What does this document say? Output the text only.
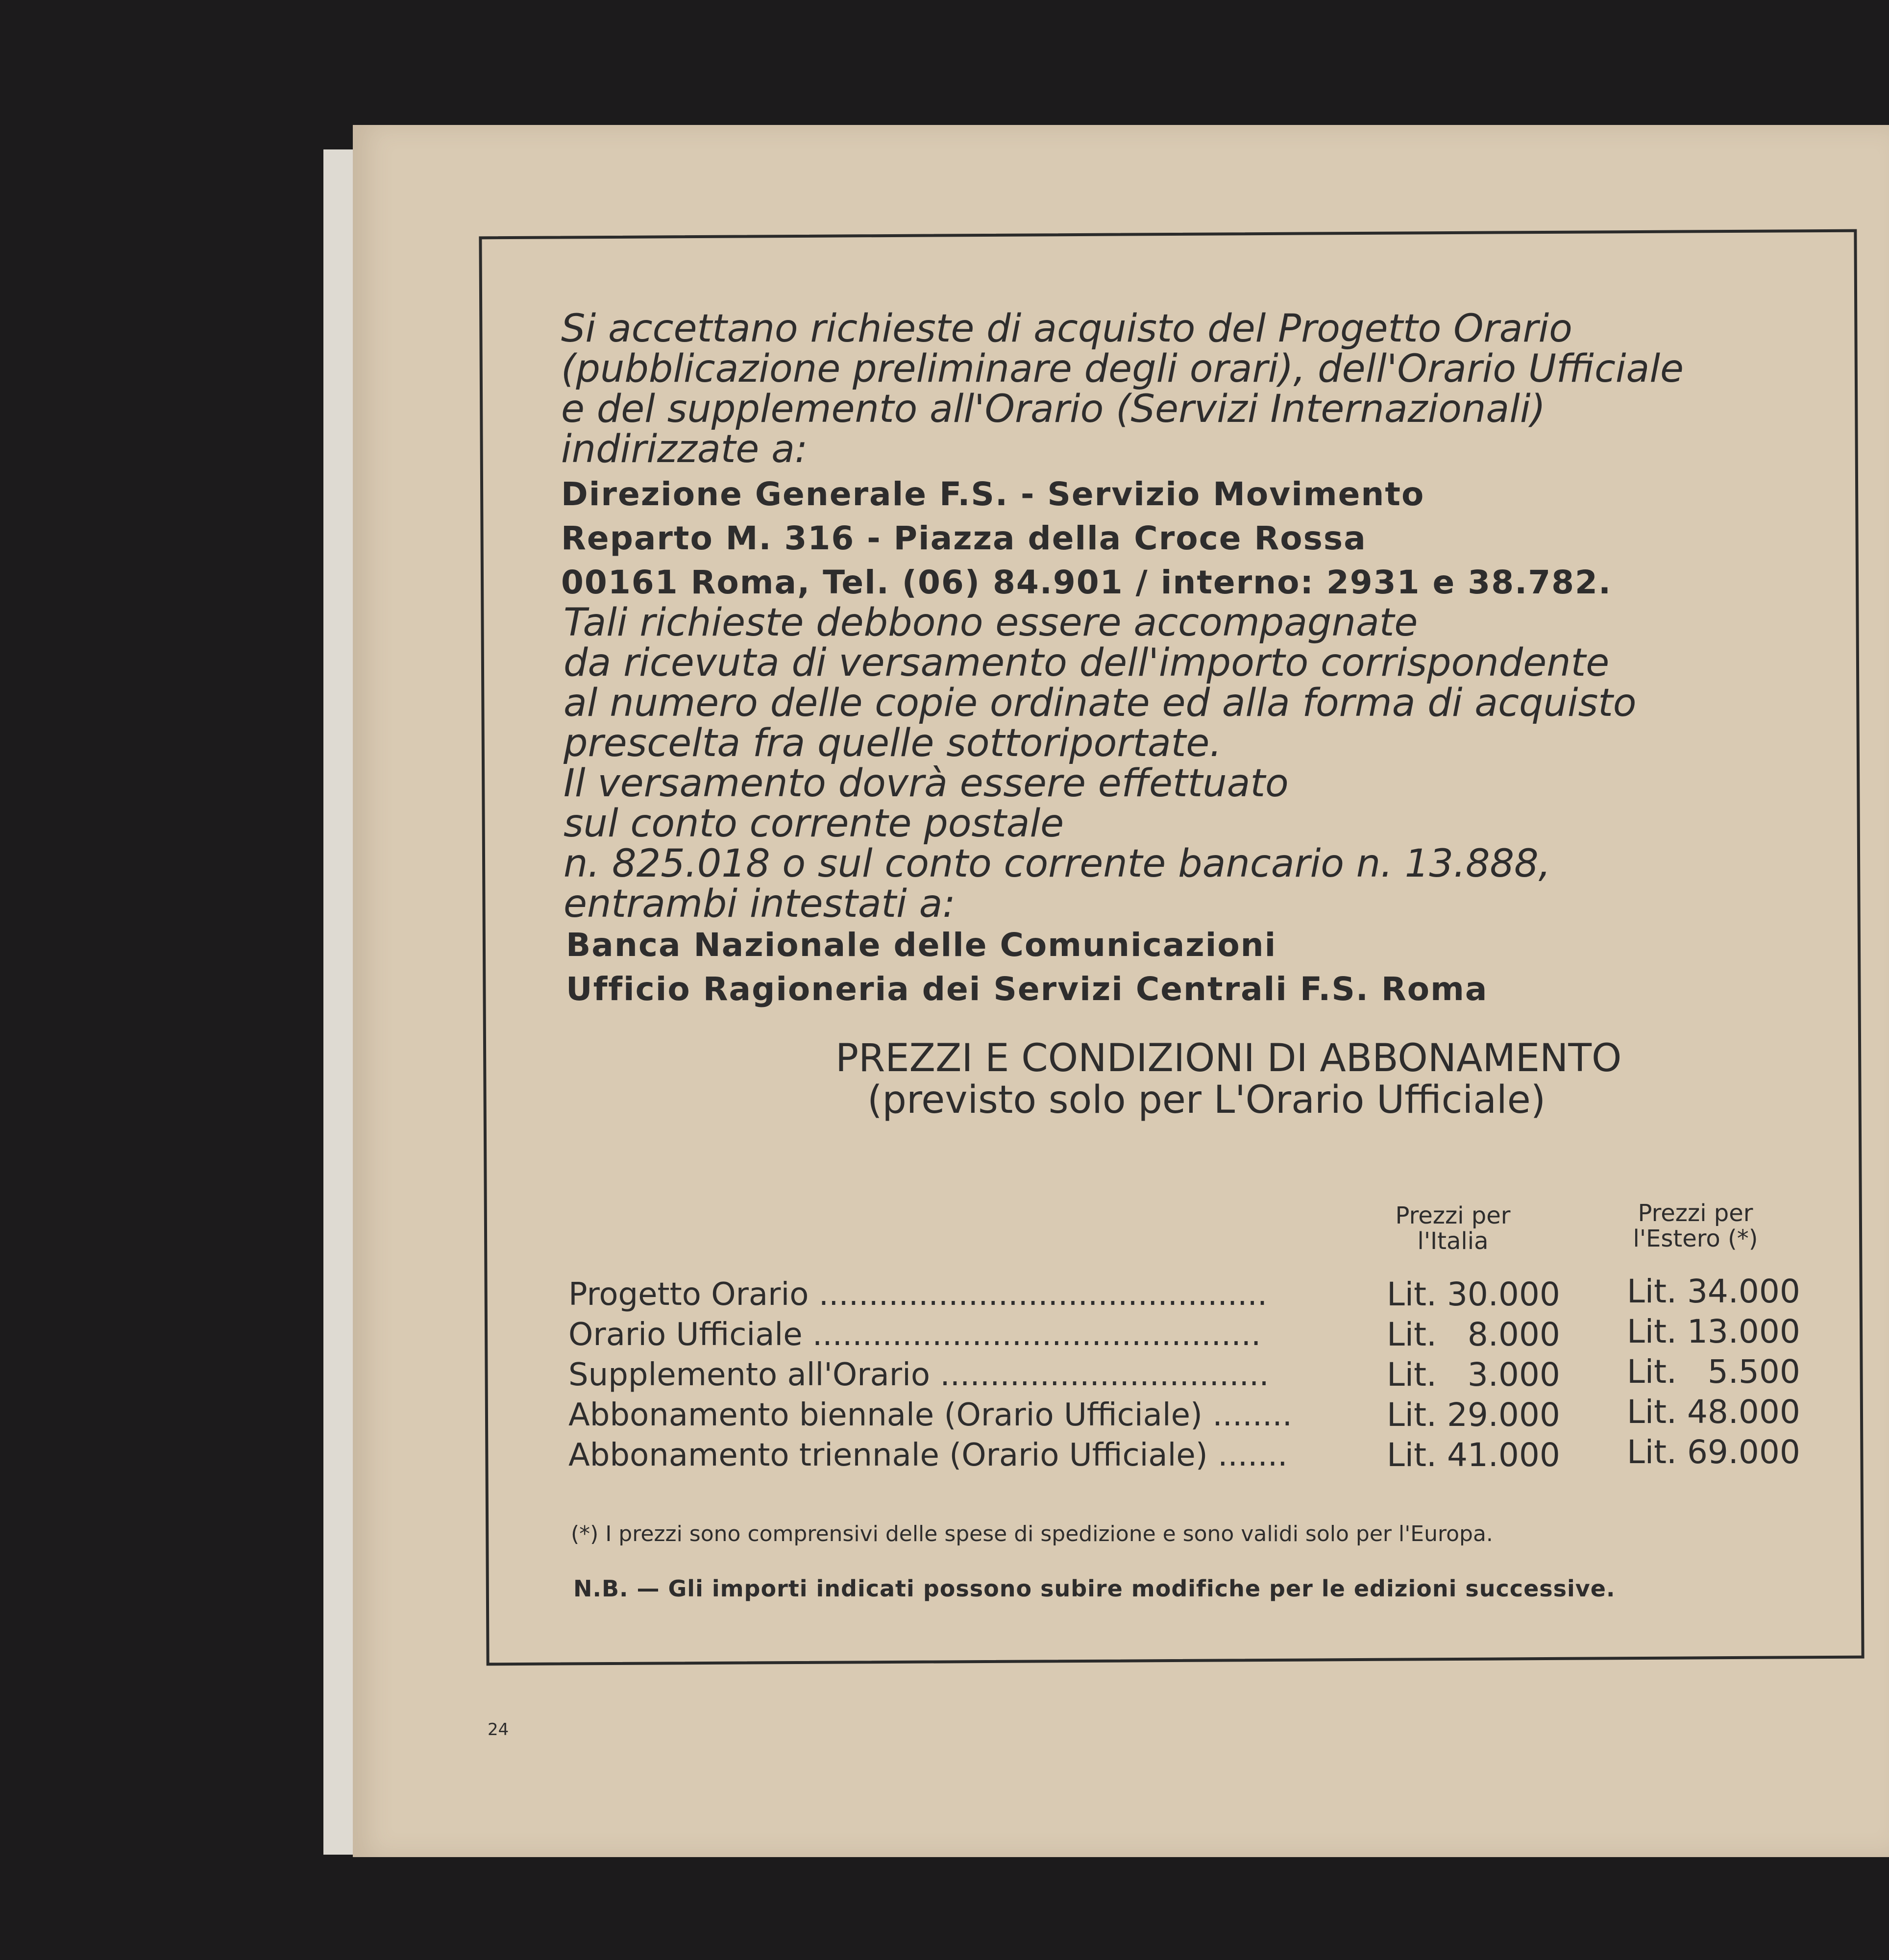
Si accettano richieste di acquisto del Progetto Orario
(pubblicazione preliminare degli orari), dell'Orario Ufficiale
e del supplemento all'Orario (Servizi Internazionali)
indirizzate a:
Direzione Generale F.S. - Servizio Movimento
Reparto M. 316 - Piazza della Croce Rossa
00161 Roma, Tel. (06) 84.901 / interno: 2931 e 38.782.
Tali richieste debbono essere accompagnate
da ricevuta di versamento dell'importo corrispondente
al numero delle copie ordinate ed alla forma di acquisto
prescelta fra quelle sottoriportate.
Il versamento dovrà essere effettuato
sul conto corrente postale
n. 825.018 o sul conto corrente bancario n. 13.888,
entrambi intestati a:
Banca Nazionale delle Comunicazioni
Ufficio Ragioneria dei Servizi Centrali F.S. Roma
PREZZI E CONDIZIONI DI ABBONAMENTO
(previsto solo per L'Orario Ufficiale)
Prezzi per
l'Italia
Prezzi per
l'Estero (*)
Progetto Orario .............................................	Lit. 30.000 Lit. 34.000
Orario Ufficiale .............................................	Lit.   8.000 Lit. 13.000
Supplemento all'Orario .................................	Lit.   3.000 Lit.   5.500
Abbonamento biennale (Orario Ufficiale) ........	Lit. 29.000 Lit. 48.000
Abbonamento triennale (Orario Ufficiale) .......	Lit. 41.000 Lit. 69.000
(*) I prezzi sono comprensivi delle spese di spedizione e sono validi solo per l'Europa.
N.B. — Gli importi indicati possono subire modifiche per le edizioni successive.
24
